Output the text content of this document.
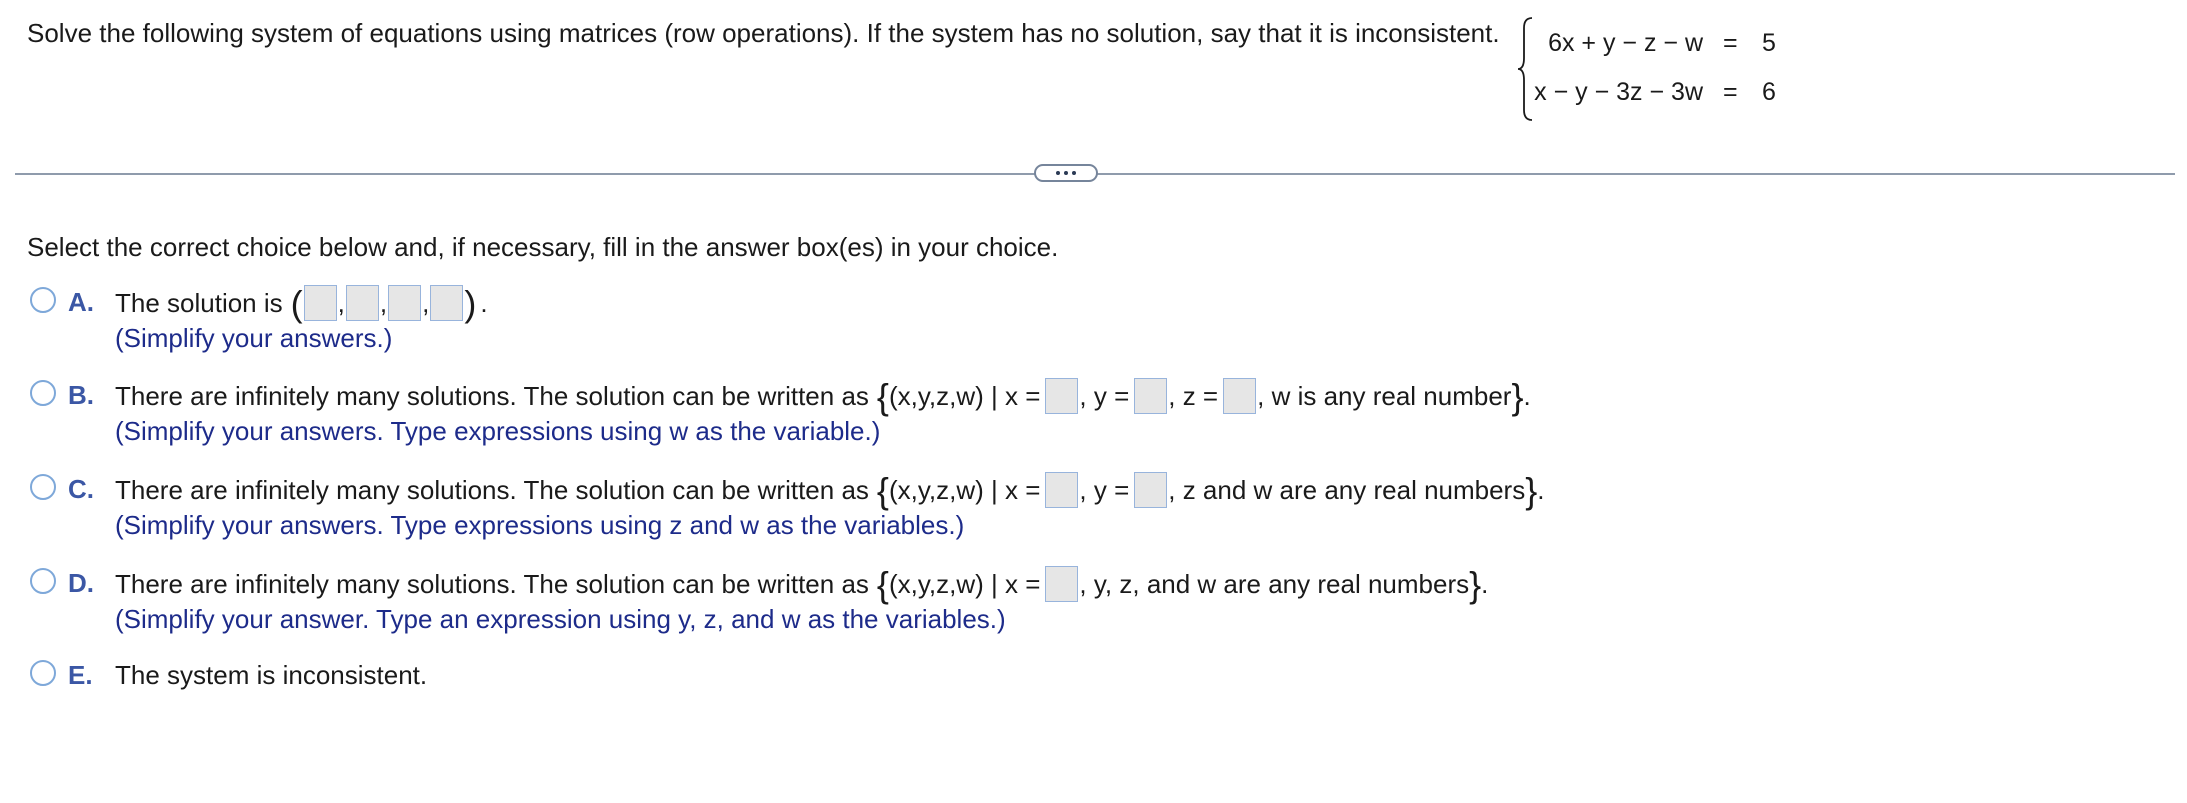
Solve the following system of equations using matrices (row operations). If the system has no solution, say that it is inconsistent. 6x + y − z − w = 5
x − y − 3z − 3w = 6
Select the correct choice below and, if necessary, fill in the answer box(es) in your choice.
A. The solution is ( , , , ) .
(Simplify your answers.)
B. There are infinitely many solutions. The solution can be written as { (x,y,z,w) | x = , y = , z = , w is any real number } .
(Simplify your answers. Type expressions using w as the variable.)
C. There are infinitely many solutions. The solution can be written as { (x,y,z,w) | x = , y = , z and w are any real numbers } .
(Simplify your answers. Type expressions using z and w as the variables.)
D. There are infinitely many solutions. The solution can be written as { (x,y,z,w) | x = , y, z, and w are any real numbers } .
(Simplify your answer. Type an expression using y, z, and w as the variables.)
E. The system is inconsistent.
